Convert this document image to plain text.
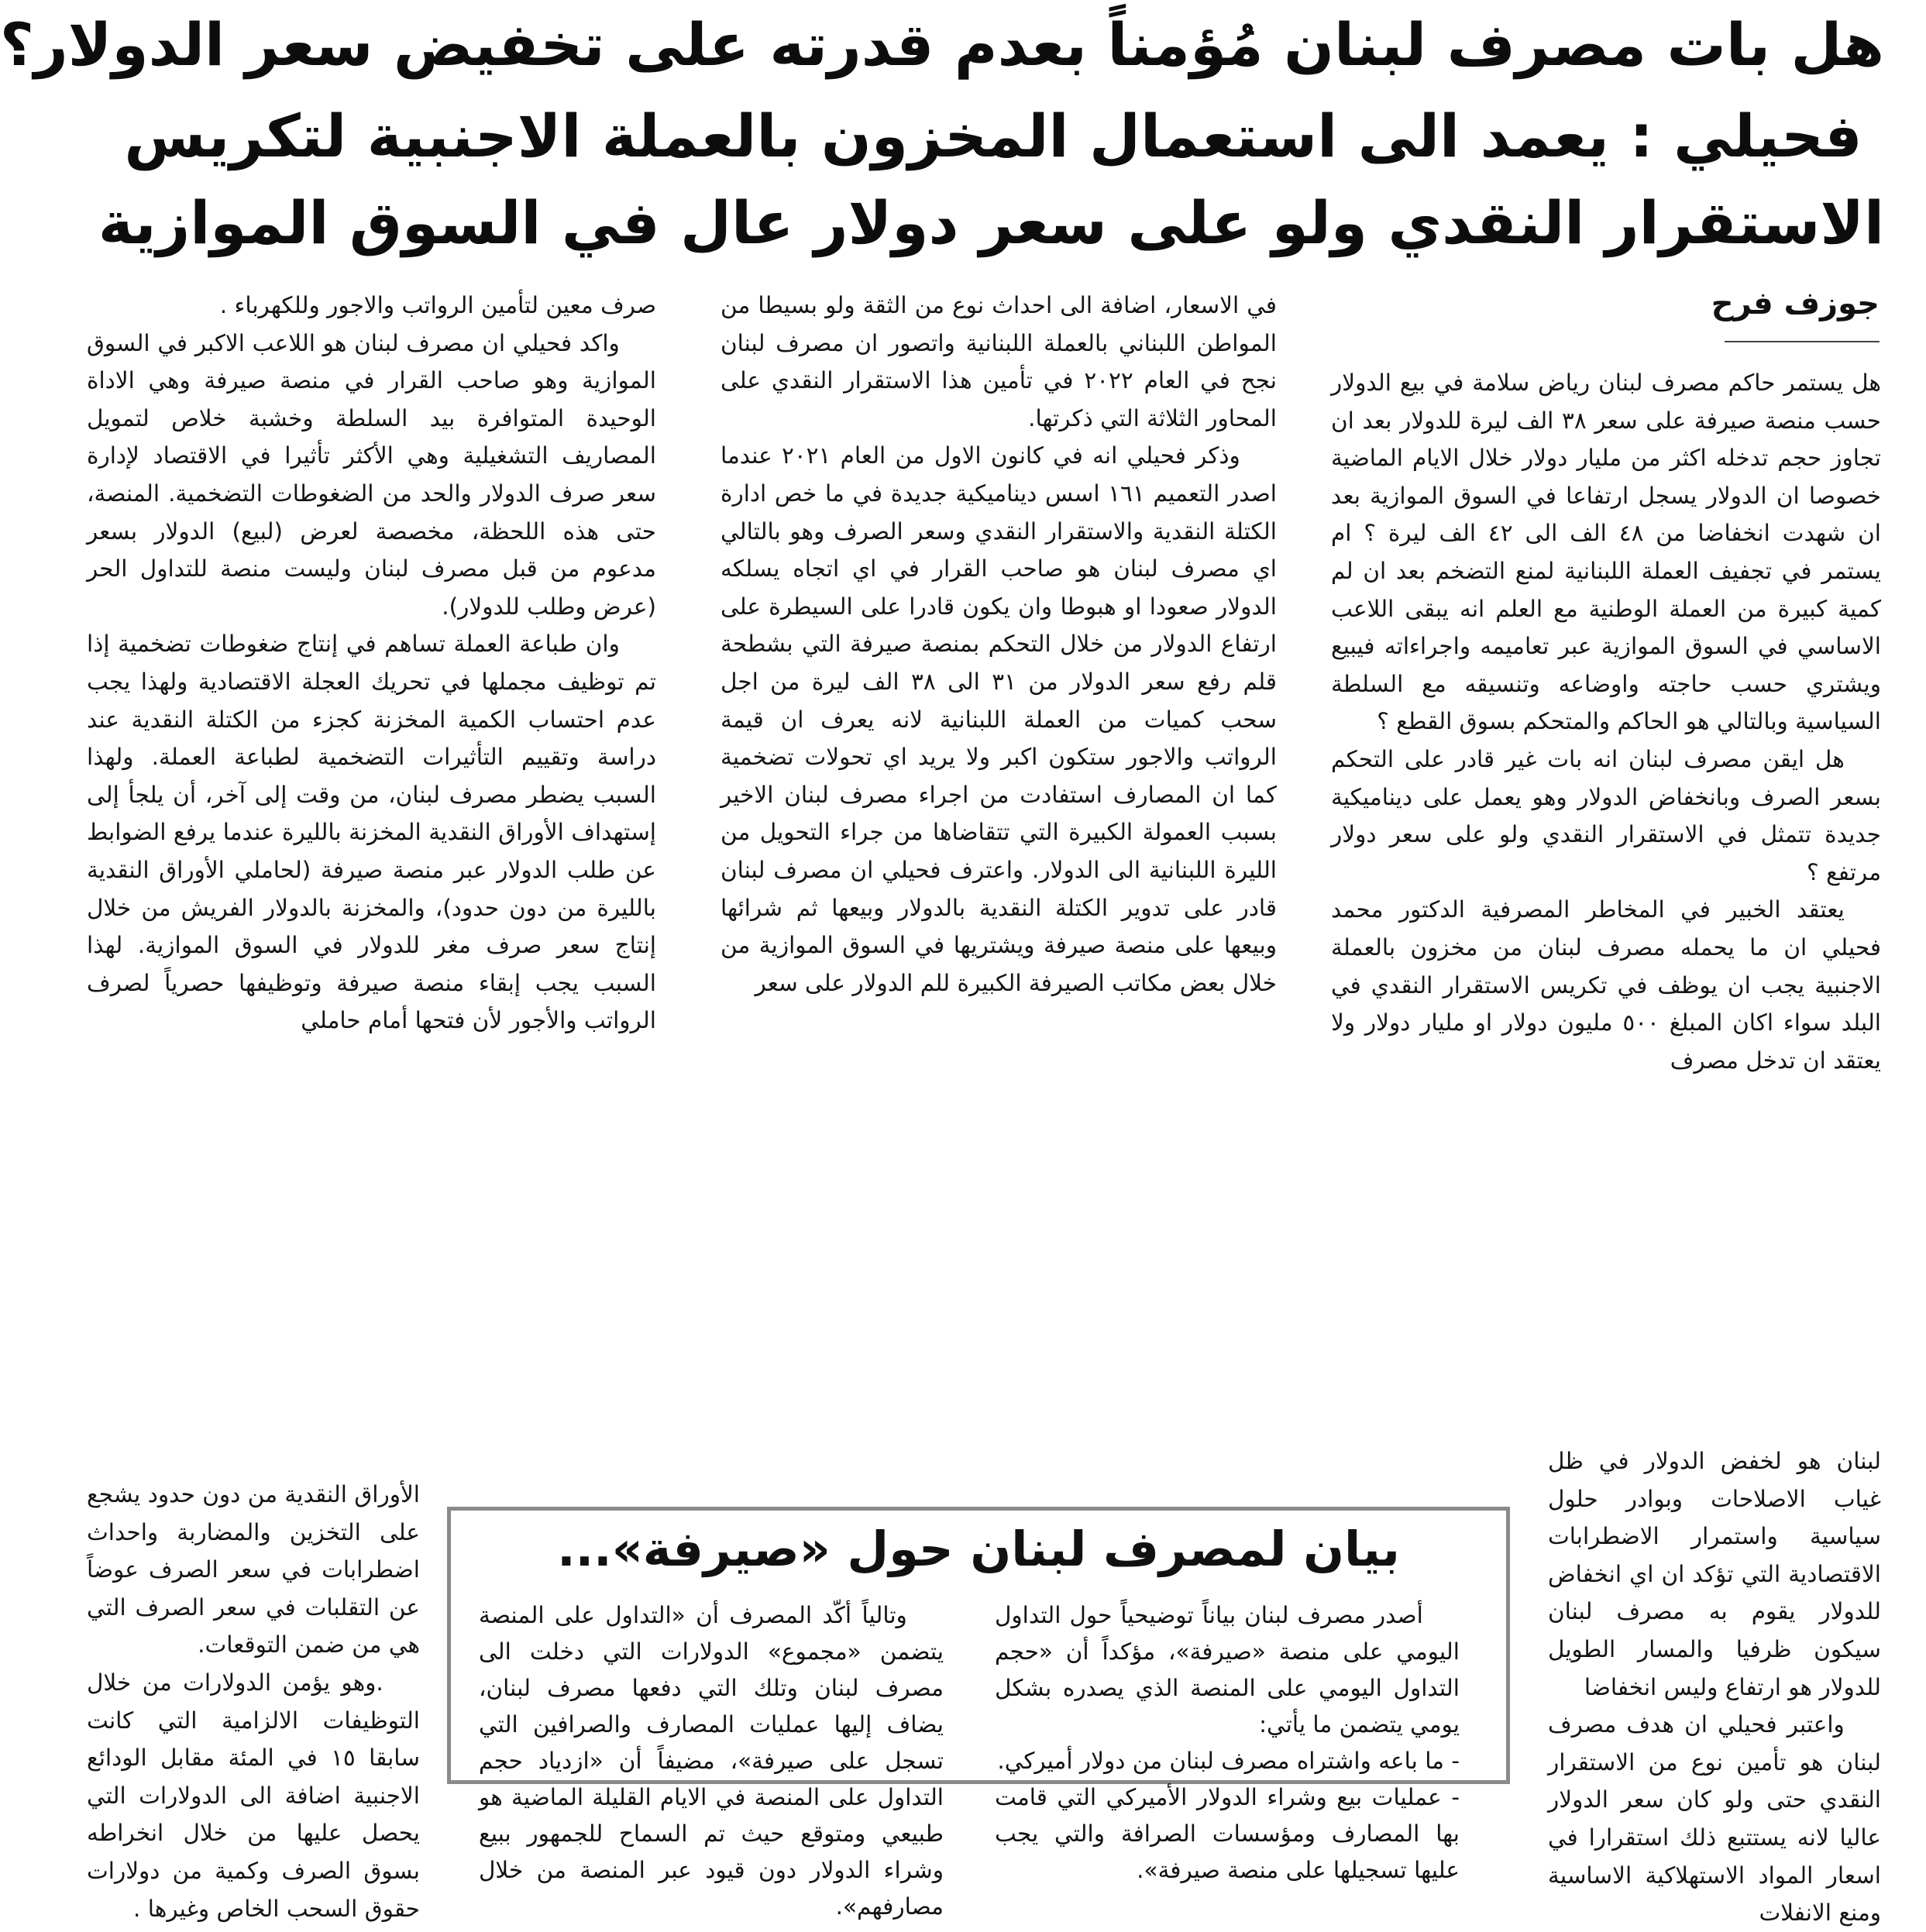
هل بات مصرف لبنان مُؤمناً بعدم قدرته على تخفيض سعر الدولار؟
فحيلي : يعمد الى استعمال المخزون بالعملة الاجنبية لتكريس
الاستقرار النقدي ولو على سعر دولار عال في السوق الموازية
جوزف فرح

هل يستمر حاكم مصرف لبنان رياض سلامة في بيع الدولار حسب منصة صيرفة على سعر ٣٨ الف ليرة للدولار بعد ان تجاوز حجم تدخله اكثر من مليار دولار خلال الايام الماضية خصوصا ان الدولار يسجل ارتفاعا في السوق الموازية بعد ان شهدت انخفاضا من ٤٨ الف الى ٤٢ الف ليرة ؟ ام يستمر في تجفيف العملة اللبنانية لمنع التضخم بعد ان لم كمية كبيرة من العملة الوطنية مع العلم انه يبقى اللاعب الاساسي في السوق الموازية عبر تعاميمه واجراءاته فيبيع ويشتري حسب حاجته واوضاعه وتنسيقه مع السلطة السياسية وبالتالي هو الحاكم والمتحكم بسوق القطع ؟

هل ايقن مصرف لبنان انه بات غير قادر على التحكم بسعر الصرف وبانخفاض الدولار وهو يعمل على ديناميكية جديدة تتمثل في الاستقرار النقدي ولو على سعر دولار مرتفع ؟

يعتقد الخبير في المخاطر المصرفية الدكتور محمد فحيلي ان ما يحمله مصرف لبنان من مخزون بالعملة الاجنبية يجب ان يوظف في تكريس الاستقرار النقدي في البلد سواء اكان المبلغ ٥٠٠ مليون دولار او مليار دولار ولا يعتقد ان تدخل مصرف

لبنان هو لخفض الدولار في ظل غياب الاصلاحات وبوادر حلول سياسية واستمرار الاضطرابات الاقتصادية التي تؤكد ان اي انخفاض للدولار يقوم به مصرف لبنان سيكون ظرفيا والمسار الطويل للدولار هو ارتفاع وليس انخفاضا

واعتبر فحيلي ان هدف مصرف لبنان هو تأمين نوع من الاستقرار النقدي حتى ولو كان سعر الدولار عاليا لانه يستتبع ذلك استقرارا في اسعار المواد الاستهلاكية الاساسية ومنع الانفلات

في الاسعار، اضافة الى احداث نوع من الثقة ولو بسيطا من المواطن اللبناني بالعملة اللبنانية واتصور ان مصرف لبنان نجح في العام ٢٠٢٢ في تأمين هذا الاستقرار النقدي على المحاور الثلاثة التي ذكرتها.

وذكر فحيلي انه في كانون الاول من العام ٢٠٢١ عندما اصدر التعميم ١٦١ اسس ديناميكية جديدة في ما خص ادارة الكتلة النقدية والاستقرار النقدي وسعر الصرف وهو بالتالي اي مصرف لبنان هو صاحب القرار في اي اتجاه يسلكه الدولار صعودا او هبوطا وان يكون قادرا على السيطرة على ارتفاع الدولار من خلال التحكم بمنصة صيرفة التي بشطحة قلم رفع سعر الدولار من ٣١ الى ٣٨ الف ليرة من اجل سحب كميات من العملة اللبنانية لانه يعرف ان قيمة الرواتب والاجور ستكون اكبر ولا يريد اي تحولات تضخمية كما ان المصارف استفادت من اجراء مصرف لبنان الاخير بسبب العمولة الكبيرة التي تتقاضاها من جراء التحويل من الليرة اللبنانية الى الدولار. واعترف فحيلي ان مصرف لبنان قادر على تدوير الكتلة النقدية بالدولار وبيعها ثم شرائها وبيعها على منصة صيرفة ويشتريها في السوق الموازية من خلال بعض مكاتب الصيرفة الكبيرة للم الدولار على سعر

صرف معين لتأمين الرواتب والاجور وللكهرباء .

واكد فحيلي ان مصرف لبنان هو اللاعب الاكبر في السوق الموازية وهو صاحب القرار في منصة صيرفة وهي الاداة الوحيدة المتوافرة بيد السلطة وخشبة خلاص لتمويل المصاريف التشغيلية وهي الأكثر تأثيرا في الاقتصاد لإدارة سعر صرف الدولار والحد من الضغوطات التضخمية. المنصة، حتى هذه اللحظة، مخصصة لعرض (لبيع) الدولار بسعر مدعوم من قبل مصرف لبنان وليست منصة للتداول الحر (عرض وطلب للدولار).

وان طباعة العملة تساهم في إنتاج ضغوطات تضخمية إذا تم توظيف مجملها في تحريك العجلة الاقتصادية ولهذا يجب عدم احتساب الكمية المخزنة كجزء من الكتلة النقدية عند دراسة وتقييم التأثيرات التضخمية لطباعة العملة. ولهذا السبب يضطر مصرف لبنان، من وقت إلى آخر، أن يلجأ إلى إستهداف الأوراق النقدية المخزنة بالليرة عندما يرفع الضوابط عن طلب الدولار عبر منصة صيرفة (لحاملي الأوراق النقدية بالليرة من دون حدود)، والمخزنة بالدولار الفريش من خلال إنتاج سعر صرف مغر للدولار في السوق الموازية. لهذا السبب يجب إبقاء منصة صيرفة وتوظيفها حصرياً لصرف الرواتب والأجور لأن فتحها أمام حاملي

الأوراق النقدية من دون حدود يشجع على التخزين والمضاربة واحداث اضطرابات في سعر الصرف عوضاً عن التقلبات في سعر الصرف التي هي من ضمن التوقعات.

.وهو يؤمن الدولارات من خلال التوظيفات الالزامية التي كانت سابقا ١٥ في المئة مقابل الودائع الاجنبية اضافة الى الدولارات التي يحصل عليها من خلال انخراطه بسوق الصرف وكمية من دولارات حقوق السحب الخاص وغيرها .

بيان لمصرف لبنان حول «صيرفة»...

أصدر مصرف لبنان بياناً توضيحياً حول التداول اليومي على منصة «صيرفة»، مؤكداً أن «حجم التداول اليومي على المنصة الذي يصدره بشكل يومي يتضمن ما يأتي:

- ما باعه واشتراه مصرف لبنان من دولار أميركي.

- عمليات بيع وشراء الدولار الأميركي التي قامت بها المصارف ومؤسسات الصرافة والتي يجب عليها تسجيلها على منصة صيرفة».

وتالياً أكّد المصرف أن «التداول على المنصة يتضمن «مجموع» الدولارات التي دخلت الى مصرف لبنان وتلك التي دفعها مصرف لبنان، يضاف إليها عمليات المصارف والصرافين التي تسجل على صيرفة»، مضيفاً أن «ازدياد حجم التداول على المنصة في الايام القليلة الماضية هو طبيعي ومتوقع حيث تم السماح للجمهور ببيع وشراء الدولار دون قيود عبر المنصة من خلال مصارفهم».
